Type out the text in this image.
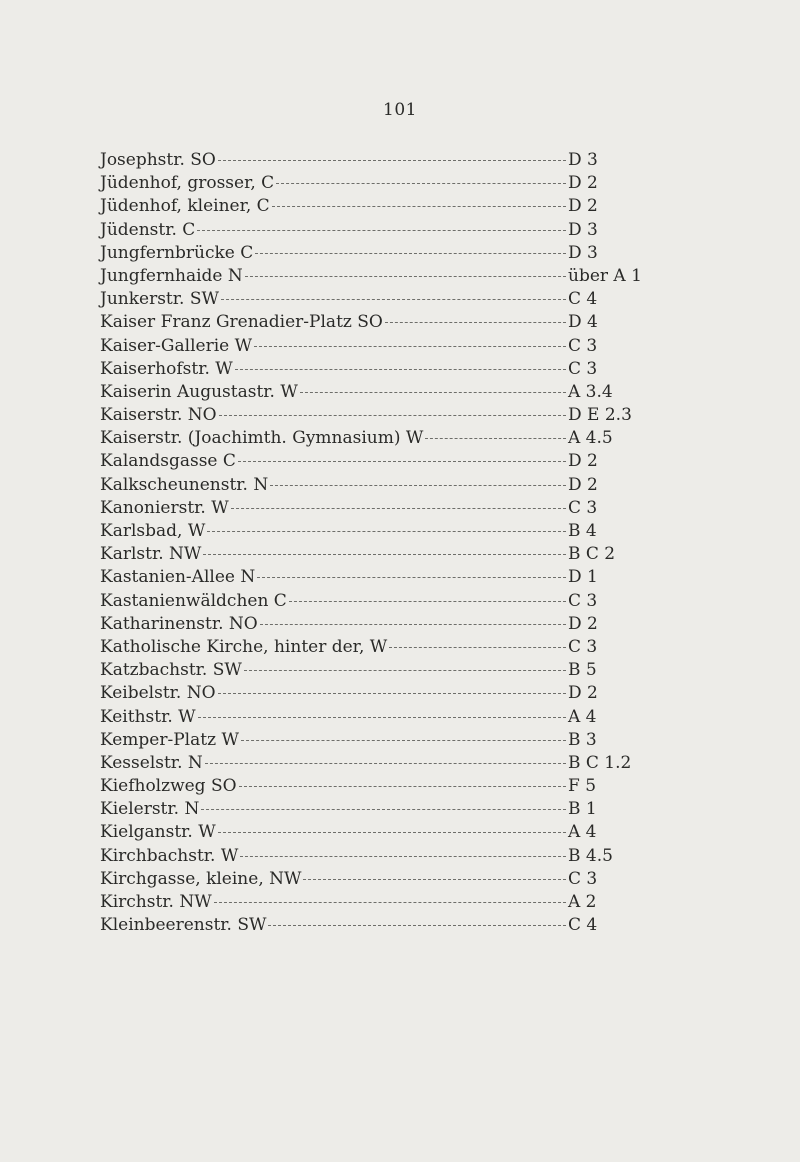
101
Josephstr. SO	D 3
Jüdenhof, grosser, C	D 2
Jüdenhof, kleiner, C	D 2
Jüdenstr. C	D 3
Jungfernbrücke C	D 3
Jungfernhaide N	über A 1
Junkerstr. SW	C 4
Kaiser Franz Grenadier-Platz SO	D 4
Kaiser-Gallerie W	C 3
Kaiserhofstr. W	C 3
Kaiserin Augustastr. W	A 3.4
Kaiserstr. NO	D E 2.3
Kaiserstr. (Joachimth. Gymnasium) W	A 4.5
Kalandsgasse C	D 2
Kalkscheunenstr. N	D 2
Kanonierstr. W	C 3
Karlsbad, W	B 4
Karlstr. NW	B C 2
Kastanien-Allee N	D 1
Kastanienwäldchen C	C 3
Katharinenstr. NO	D 2
Katholische Kirche, hinter der, W	C 3
Katzbachstr. SW	B 5
Keibelstr. NO	D 2
Keithstr. W	A 4
Kemper-Platz W	B 3
Kesselstr. N	B C 1.2
Kiefholzweg SO	F 5
Kielerstr. N	B 1
Kielganstr. W	A 4
Kirchbachstr. W	B 4.5
Kirchgasse, kleine, NW	C 3
Kirchstr. NW	A 2
Kleinbeerenstr. SW	C 4
